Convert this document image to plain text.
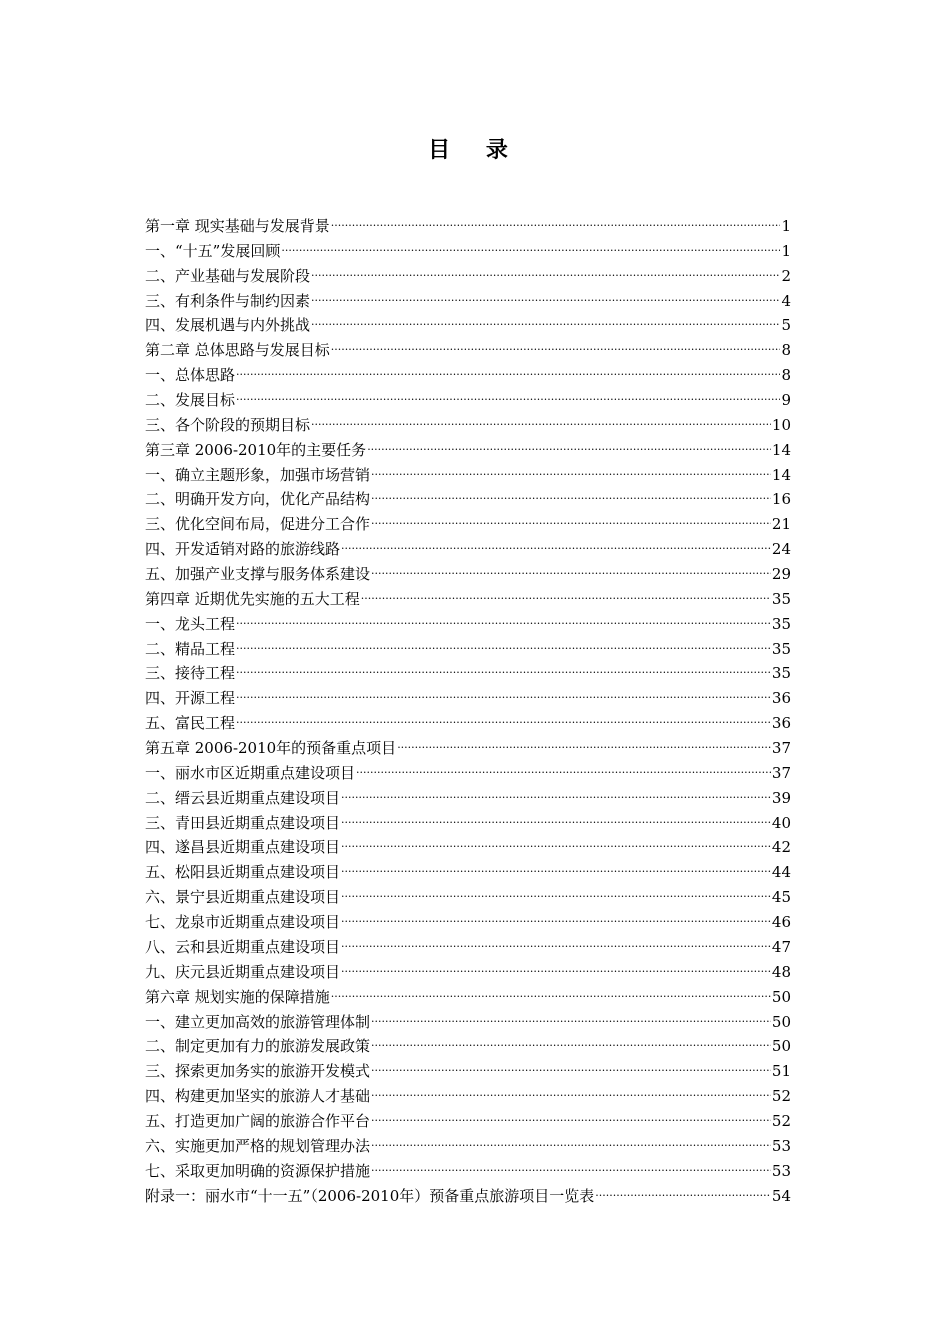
目 录
第一章 现实基础与发展背景 ·····	1
一、“十五”发展回顾 ·····	1
二、产业基础与发展阶段 ·····	2
三、有利条件与制约因素 ·····	4
四、发展机遇与内外挑战 ·····	5
第二章 总体思路与发展目标 ·····	8
一、总体思路 ·····	8
二、发展目标 ·····	9
三、各个阶段的预期目标 ·····	10
第三章 2006-2010年的主要任务 ·····	14
一、确立主题形象，加强市场营销 ·····	14
二、明确开发方向，优化产品结构 ·····	16
三、优化空间布局，促进分工合作 ·····	21
四、开发适销对路的旅游线路 ·····	24
五、加强产业支撑与服务体系建设 ·····	29
第四章 近期优先实施的五大工程 ·····	35
一、龙头工程 ·····	35
二、精品工程 ·····	35
三、接待工程 ·····	35
四、开源工程 ·····	36
五、富民工程 ·····	36
第五章 2006-2010年的预备重点项目 ·····	37
一、丽水市区近期重点建设项目 ·····	37
二、缙云县近期重点建设项目 ·····	39
三、青田县近期重点建设项目 ·····	40
四、遂昌县近期重点建设项目 ·····	42
五、松阳县近期重点建设项目 ·····	44
六、景宁县近期重点建设项目 ·····	45
七、龙泉市近期重点建设项目 ·····	46
八、云和县近期重点建设项目 ·····	47
九、庆元县近期重点建设项目 ·····	48
第六章 规划实施的保障措施 ·····	50
一、建立更加高效的旅游管理体制 ·····	50
二、制定更加有力的旅游发展政策 ·····	50
三、探索更加务实的旅游开发模式 ·····	51
四、构建更加坚实的旅游人才基础 ·····	52
五、打造更加广阔的旅游合作平台 ·····	52
六、实施更加严格的规划管理办法 ·····	53
七、采取更加明确的资源保护措施 ·····	53
附录一：丽水市“十一五”（2006-2010年）预备重点旅游项目一览表 ·····	54
